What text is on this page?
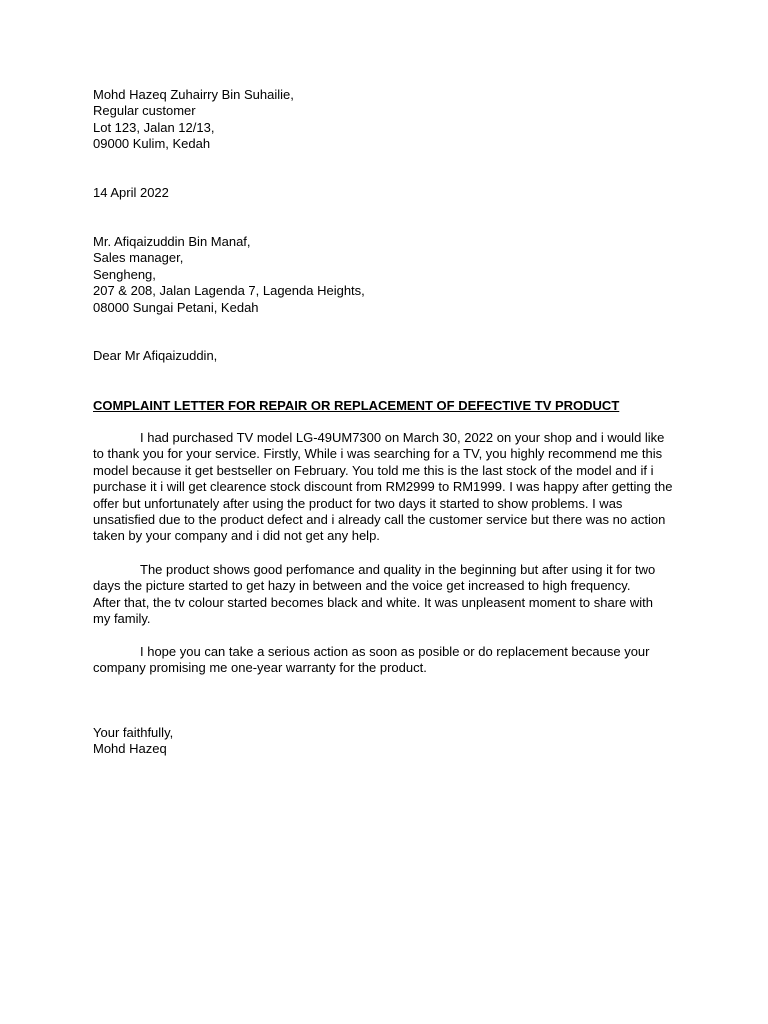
Mohd Hazeq Zuhairry Bin Suhailie,
Regular customer
Lot 123, Jalan 12/13,
09000 Kulim, Kedah
14 April 2022
Mr. Afiqaizuddin Bin Manaf,
Sales manager,
Sengheng,
207 & 208, Jalan Lagenda 7, Lagenda Heights,
08000 Sungai Petani, Kedah
Dear Mr Afiqaizuddin,
COMPLAINT LETTER FOR REPAIR OR REPLACEMENT OF DEFECTIVE TV PRODUCT
I had purchased TV model LG-49UM7300 on March 30, 2022 on your shop and i would like
to thank you for your service. Firstly, While i was searching for a TV, you highly recommend me this
model because it get bestseller on February. You told me this is the last stock of the model and if i
purchase it i will get clearence stock discount from RM2999 to RM1999. I was happy after getting the
offer but unfortunately after using the product for two days it started to show problems. I was
unsatisfied due to the product defect and i already call the customer service but there was no action
taken by your company and i did not get any help.
The product shows good perfomance and quality in the beginning but after using it for two
days the picture started to get hazy in between and the voice get increased to high frequency.
After that, the tv colour started becomes black and white. It was unpleasent moment to share with
my family.
I hope you can take a serious action as soon as posible or do replacement because your
company promising me one-year warranty for the product.
Your faithfully,
Mohd Hazeq
